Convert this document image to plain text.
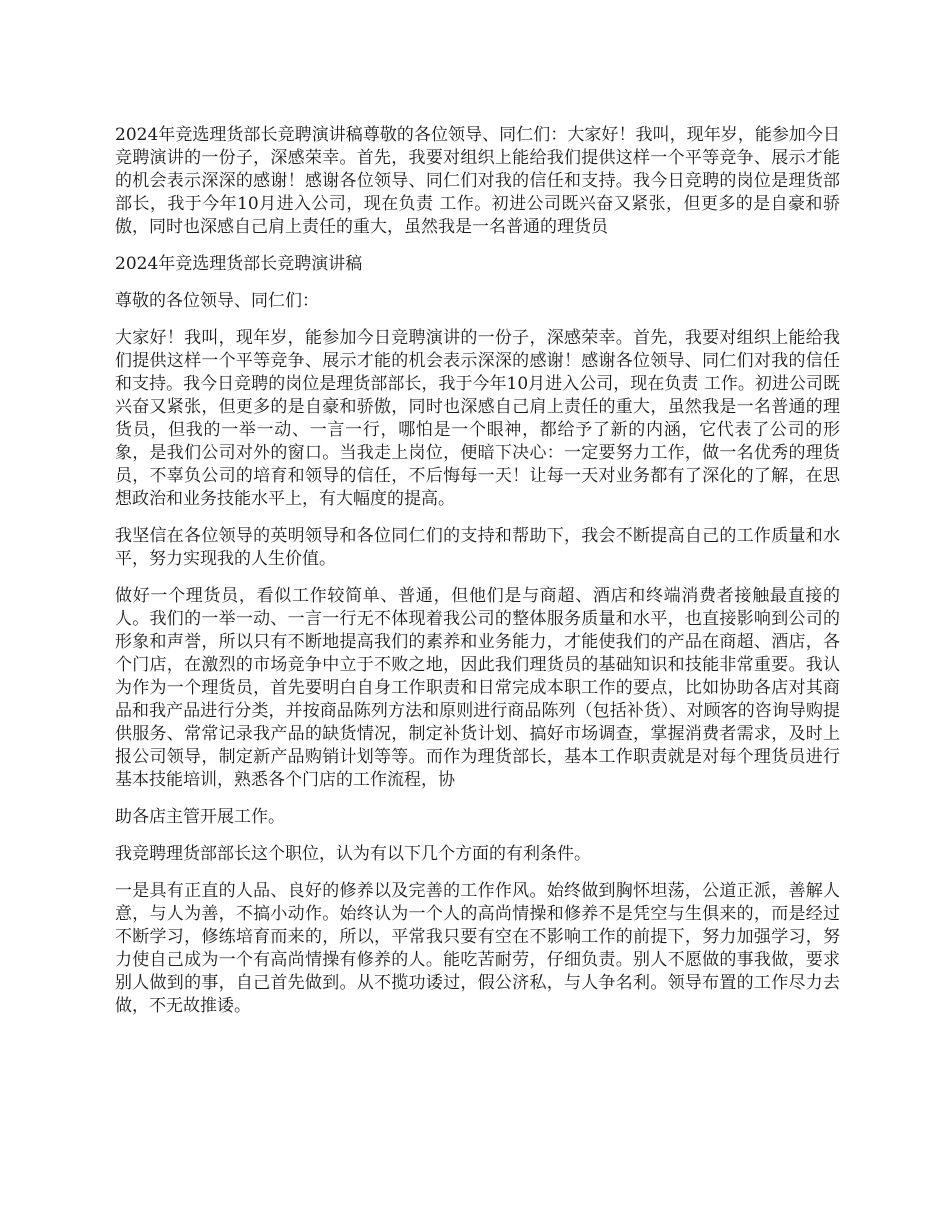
2024年竞选理货部长竞聘演讲稿尊敬的各位领导、同仁们：大家好！我叫，现年岁，能参加今日竞聘演讲的一份子，深感荣幸。首先，我要对组织上能给我们提供这样一个平等竞争、展示才能的机会表示深深的感谢！感谢各位领导、同仁们对我的信任和支持。我今日竞聘的岗位是理货部部长，我于今年10月进入公司，现在负责 工作。初进公司既兴奋又紧张，但更多的是自豪和骄傲，同时也深感自己肩上责任的重大，虽然我是一名普通的理货员

2024年竞选理货部长竞聘演讲稿

尊敬的各位领导、同仁们：

大家好！我叫，现年岁，能参加今日竞聘演讲的一份子，深感荣幸。首先，我要对组织上能给我们提供这样一个平等竞争、展示才能的机会表示深深的感谢！感谢各位领导、同仁们对我的信任和支持。我今日竞聘的岗位是理货部部长，我于今年10月进入公司，现在负责 工作。初进公司既兴奋又紧张，但更多的是自豪和骄傲，同时也深感自己肩上责任的重大，虽然我是一名普通的理货员，但我的一举一动、一言一行，哪怕是一个眼神，都给予了新的内涵，它代表了公司的形象，是我们公司对外的窗口。当我走上岗位，便暗下决心：一定要努力工作，做一名优秀的理货员，不辜负公司的培育和领导的信任，不后悔每一天！让每一天对业务都有了深化的了解，在思想政治和业务技能水平上，有大幅度的提高。

我坚信在各位领导的英明领导和各位同仁们的支持和帮助下，我会不断提高自己的工作质量和水平，努力实现我的人生价值。

做好一个理货员，看似工作较简单、普通，但他们是与商超、酒店和终端消费者接触最直接的人。我们的一举一动、一言一行无不体现着我公司的整体服务质量和水平，也直接影响到公司的形象和声誉，所以只有不断地提高我们的素养和业务能力，才能使我们的产品在商超、酒店，各个门店，在激烈的市场竞争中立于不败之地，因此我们理货员的基础知识和技能非常重要。我认为作为一个理货员，首先要明白自身工作职责和日常完成本职工作的要点，比如协助各店对其商品和我产品进行分类，并按商品陈列方法和原则进行商品陈列（包括补货）、对顾客的咨询导购提供服务、常常记录我产品的缺货情况，制定补货计划、搞好市场调查，掌握消费者需求，及时上报公司领导，制定新产品购销计划等等。而作为理货部长，基本工作职责就是对每个理货员进行基本技能培训，熟悉各个门店的工作流程，协

助各店主管开展工作。

我竞聘理货部部长这个职位，认为有以下几个方面的有利条件。

一是具有正直的人品、良好的修养以及完善的工作作风。始终做到胸怀坦荡，公道正派，善解人意，与人为善，不搞小动作。始终认为一个人的高尚情操和修养不是凭空与生俱来的，而是经过不断学习，修练培育而来的，所以，平常我只要有空在不影响工作的前提下，努力加强学习，努力使自己成为一个有高尚情操有修养的人。能吃苦耐劳，仔细负责。别人不愿做的事我做，要求别人做到的事，自己首先做到。从不揽功诿过，假公济私，与人争名利。领导布置的工作尽力去做，不无故推诿。
